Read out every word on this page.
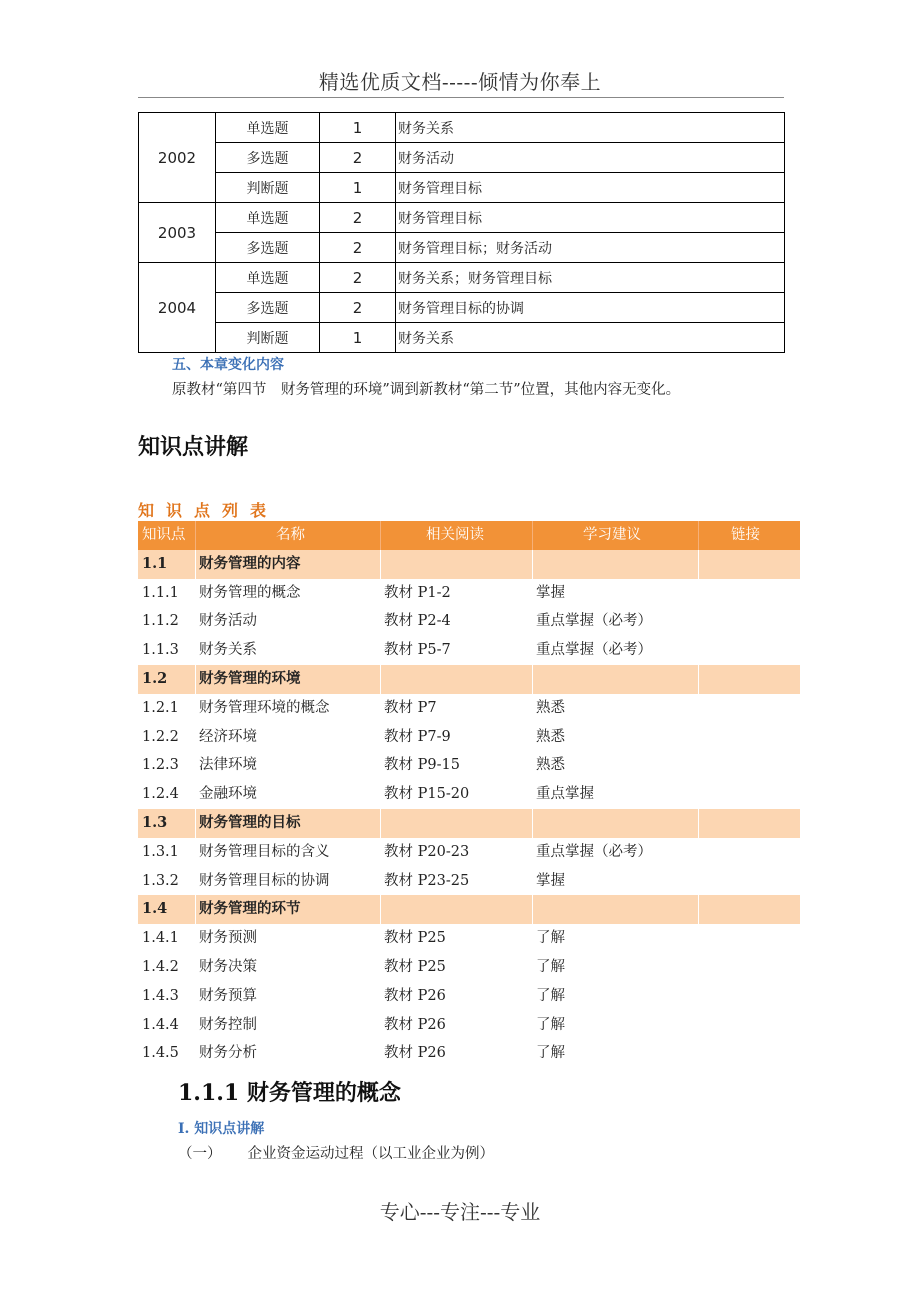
精选优质文档-----倾情为你奉上
2002	单选题	1	财务关系
	多选题	2	财务活动
	判断题	1	财务管理目标
2003	单选题	2	财务管理目标
	多选题	2	财务管理目标；财务活动
2004	单选题	2	财务关系；财务管理目标
	多选题	2	财务管理目标的协调
	判断题	1	财务关系
五、本章变化内容
原教材“第四节　财务管理的环境”调到新教材“第二节”位置，其他内容无变化。
知识点讲解
知识点列表
知识点	名称	相关阅读	学习建议	链接
1.1 财务管理的内容
1.1.1 财务管理的概念	教材 P1-2	掌握
1.1.2 财务活动	教材 P2-4	重点掌握（必考）
1.1.3 财务关系	教材 P5-7	重点掌握（必考）
1.2 财务管理的环境
1.2.1 财务管理环境的概念	教材 P7	熟悉
1.2.2 经济环境	教材 P7-9	熟悉
1.2.3 法律环境	教材 P9-15	熟悉
1.2.4 金融环境	教材 P15-20	重点掌握
1.3 财务管理的目标
1.3.1 财务管理目标的含义	教材 P20-23	重点掌握（必考）
1.3.2 财务管理目标的协调	教材 P23-25	掌握
1.4 财务管理的环节
1.4.1 财务预测	教材 P25	了解
1.4.2 财务决策	教材 P25	了解
1.4.3 财务预算	教材 P26	了解
1.4.4 财务控制	教材 P26	了解
1.4.5 财务分析	教材 P26	了解
1.1.1 财务管理的概念
I. 知识点讲解
（一） 企业资金运动过程（以工业企业为例）
专心---专注---专业
